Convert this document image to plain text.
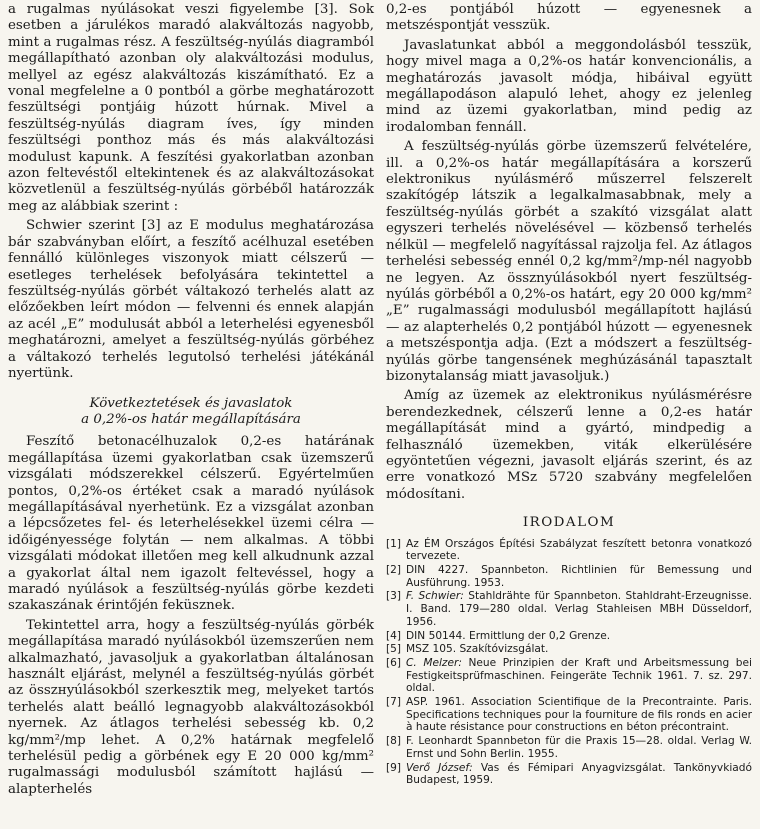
a rugalmas nyúlásokat veszi figyelembe [3]. Sok esetben a járulékos maradó alakváltozás nagyobb, mint a rugalmas rész. A feszültség-nyúlás diagramból megállapítható azonban oly alakváltozási modulus, mellyel az egész alakváltozás kiszámítható. Ez a vonal megfelelne a 0 pontból a görbe meghatározott feszültségi pontjáig húzott húrnak. Mivel a feszültség-nyúlás diagram íves, így minden feszültségi ponthoz más és más alakváltozási modulust kapunk. A feszítési gyakorlatban azonban azon feltevéstől eltekintenek és az alakváltozásokat közvetlenül a feszültség-nyúlás görbéből határozzák meg az alábbiak szerint :

Schwier szerint [3] az E modulus meghatározása bár szabványban előírt, a feszítő acélhuzal esetében fennálló különleges viszonyok miatt célszerű — esetleges terhelések befolyására tekintettel a feszültség-nyúlás görbét váltakozó terhelés alatt az előzőekben leírt módon — felvenni és ennek alapján az acél „E” modulusát abból a leterhelési egyenesből meghatározni, amelyet a feszültség-nyúlás görbéhez a váltakozó terhelés legutolsó terhelési játékánál nyertünk.

Következtetések és javaslatok
a 0,2%-os határ megállapítására

Feszítő betonacélhuzalok 0,2-es határának megállapítása üzemi gyakorlatban csak üzemszerű vizsgálati módszerekkel célszerű. Egyértelműen pontos, 0,2%-os értéket csak a maradó nyúlások megállapításával nyerhetünk. Ez a vizsgálat azonban a lépcsőzetes fel- és leterhelésekkel üzemi célra — időigényessége folytán — nem alkalmas. A többi vizsgálati módokat illetően meg kell alkudnunk azzal a gyakorlat által nem igazolt feltevéssel, hogy a maradó nyúlások a feszültség-nyúlás görbe kezdeti szakaszának érintőjén feküsznek.

Tekintettel arra, hogy a feszültség-nyúlás görbék megállapítása maradó nyúlásokból üzemszerűen nem alkalmazható, javasoljuk a gyakorlatban általánosan használt eljárást, melynél a feszültség-nyúlás görbét az összнyúlásokból szerkesztik meg, melyeket tartós terhelés alatt beálló legnagyobb alakváltozásokból nyernek. Az átlagos terhelési sebesség kb. 0,2 kg/mm²/mp lehet. A 0,2% határnak megfelelő terhelésül pedig a görbének egy E 20 000 kg/mm² rugalmassági modulusból számított hajlású — alapterhelés

0,2-es pontjából húzott — egyenesnek a metszéspontját vesszük.

Javaslatunkat abból a meggondolásból tesszük, hogy mivel maga a 0,2%-os határ konvencionális, a meghatározás javasolt módja, hibáival együtt megállapodáson alapuló lehet, ahogy ez jelenleg mind az üzemi gyakorlatban, mind pedig az irodalomban fennáll.

A feszültség-nyúlás görbe üzemszerű felvételére, ill. a 0,2%-os határ megállapítására a korszerű elektronikus nyúlásmérő műszerrel felszerelt szakítógép látszik a legalkalmasabbnak, mely a feszültség-nyúlás görbét a szakító vizsgálat alatt egyszeri terhelés növelésével — közbenső terhelés nélkül — megfelelő nagyítással rajzolja fel. Az átlagos terhelési sebesség ennél 0,2 kg/mm²/mp-nél nagyobb ne legyen. Az össznyúlásokból nyert feszültség-nyúlás görbéből a 0,2%-os határt, egy 20 000 kg/mm² „E” rugalmassági modulusból megállapított hajlású — az alapterhelés 0,2 pontjából húzott — egyenesnek a metszéspontja adja. (Ezt a módszert a feszültség-nyúlás görbe tangensének meghúzásánál tapasztalt bizonytalanság miatt javasoljuk.)

Amíg az üzemek az elektronikus nyúlásmérésre berendezkednek, célszerű lenne a 0,2-es határ megállapítását mind a gyártó, mindpedig a felhasználó üzemekben, viták elkerülésére egyöntetűen végezni, javasolt eljárás szerint, és az erre vonatkozó MSz 5720 szabvány megfelelően módosítani.

IRODALOM
[1] Az ÉM Országos Építési Szabályzat feszített betonra vonatkozó tervezete.
[2] DIN 4227. Spannbeton. Richtlinien für Bemessung und Ausführung. 1953.
[3] F. Schwier: Stahldrähte für Spannbeton. Stahldraht-Erzeugnisse. I. Band. 179—280 oldal. Verlag Stahleisen MBH Düsseldorf, 1956.
[4] DIN 50144. Ermittlung der 0,2 Grenze.
[5] MSZ 105. Szakítóvizsgálat.
[6] C. Melzer: Neue Prinzipien der Kraft und Arbeitsmessung bei Festigkeitsprüfmaschinen. Feingeräte Technik 1961. 7. sz. 297. oldal.
[7] ASP. 1961. Association Scientifique de la Precontrainte. Paris. Specifications techniques pour la fourniture de fils ronds en acier à haute résistance pour constructions en béton précontraint.
[8] F. Leonhardt Spannbeton für die Praxis 15—28. oldal. Verlag W. Ernst und Sohn Berlin. 1955.
[9] Verő József: Vas és Fémipari Anyagvizsgálat. Tankönyvkiadó Budapest, 1959.
